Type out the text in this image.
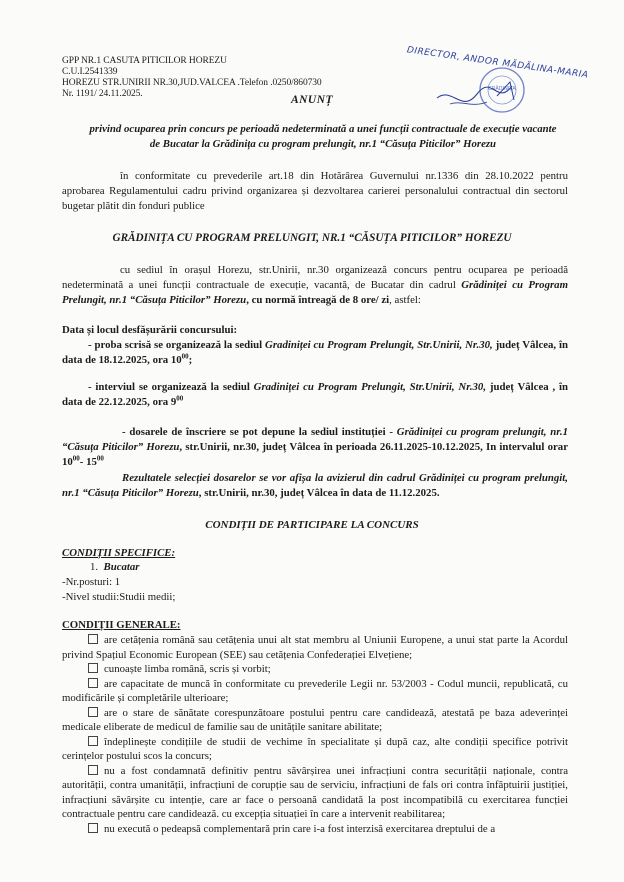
GPP NR.1 CASUTA PITICILOR HOREZU
C.U.I.2541339
HOREZU STR.UNIRII NR.30,JUD.VALCEA .Telefon .0250/860730
Nr. 1191/ 24.11.2025.
DIRECTOR, ANDOR MĂDĂLINA-MARIA
GRĂDINIȚA
ANUNȚ
privind ocuparea prin concurs pe perioadă nedeterminată a unei funcții contractuale de execuție vacante de Bucatar la Grădinița cu program prelungit, nr.1 “Căsuța Piticilor” Horezu
în conformitate cu prevederile art.18 din Hotărârea Guvernului nr.1336 din 28.10.2022 pentru aprobarea Regulamentului cadru privind organizarea și dezvoltarea carierei personalului contractual din sectorul bugetar plătit din fonduri publice
GRĂDINIȚA CU PROGRAM PRELUNGIT, NR.1 “CĂSUȚA PITICILOR” HOREZU
cu sediul în orașul Horezu, str.Unirii, nr.30 organizează concurs pentru ocuparea pe perioadă nedeterminată a unei funcții contractuale de execuție, vacantă, de Bucatar din cadrul Grădiniței cu Program Prelungit, nr.1 “Căsuța Piticilor” Horezu, cu normă întreagă de 8 ore/ zi, astfel:
Data și locul desfășurării concursului:
- proba scrisă se organizează la sediul Gradiniței cu Program Prelungit, Str.Unirii, Nr.30, județ Vâlcea, în data de 18.12.2025, ora $10^{00}$;
- interviul se organizează la sediul Gradiniței cu Program Prelungit, Str.Unirii, Nr.30, județ Vâlcea , în data de 22.12.2025, ora $9^{00}$
- dosarele de înscriere se pot depune la sediul instituției - Grădiniței cu program prelungit, nr.1 “Căsuța Piticilor” Horezu, str.Unirii, nr.30, județ Vâlcea în perioada 26.11.2025-10.12.2025, In intervalul orar $10^{00}-$ $15^{00}$
Rezultatele selecției dosarelor se vor afișa la avizierul din cadrul Grădiniței cu program prelungit, nr.1 “Căsuța Piticilor” Horezu, str.Unirii, nr.30, județ Vâlcea în data de 11.12.2025.
CONDIȚII DE PARTICIPARE LA CONCURS
CONDIȚII SPECIFICE:
1. Bucatar
-Nr.posturi: 1
-Nivel studii:Studii medii;
CONDIȚII GENERALE:
are cetățenia română sau cetățenia unui alt stat membru al Uniunii Europene, a unui stat parte la Acordul privind Spațiul Economic European (SEE) sau cetățenia Confederației Elvețiene;
cunoaște limba română, scris și vorbit;
are capacitate de muncă în conformitate cu prevederile Legii nr. 53/2003 - Codul muncii, republicată, cu modificările și completările ulterioare;
are o stare de sănătate corespunzătoare postului pentru care candidează, atestată pe baza adeverinței medicale eliberate de medicul de familie sau de unitățile sanitare abilitate;
îndeplinește condițiile de studii de vechime în specialitate și după caz, alte condiții specifice potrivit cerințelor postului scos la concurs;
nu a fost condamnată definitiv pentru săvârșirea unei infracțiuni contra securității naționale, contra autorității, contra umanității, infracțiuni de corupție sau de serviciu, infracțiuni de fals ori contra înfăptuirii justiției, infracțiuni săvârșite cu intenție, care ar face o persoană candidată la post incompatibilă cu exercitarea funcției contractuale pentru care candidează. cu excepția situației în care a intervenit reabilitarea;
nu execută o pedeapsă complementară prin care i-a fost interzisă exercitarea dreptului de a
